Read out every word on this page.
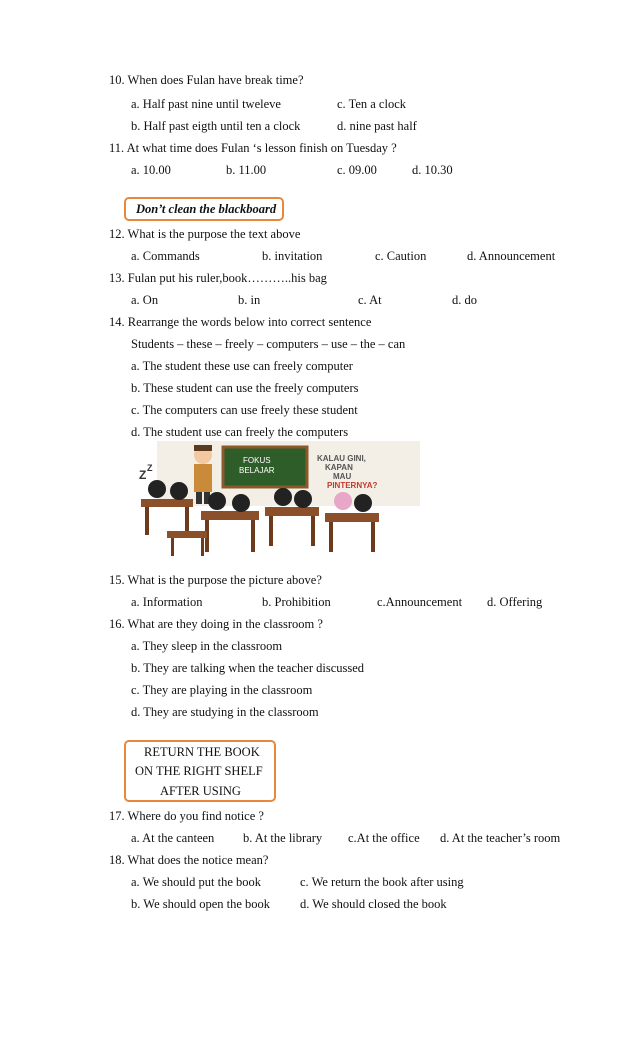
10. When does Fulan have break time?
a. Half past nine until tweleve	c. Ten a clock
b. Half past eigth until ten a clock	d. nine past half
11. At what time does Fulan ‘s lesson finish on Tuesday ?
a. 10.00	b. 11.00	c. 09.00	d. 10.30
Don’t clean the blackboard
12. What is the purpose the text above
a. Commands	b. invitation	c. Caution	d. Announcement
13. Fulan put his ruler,book………..his bag
a. On	b. in	c. At	d. do
14. Rearrange the words below into correct sentence
Students – these – freely – computers – use – the – can
a. The student these use can freely computer
b. These student can use the freely computers
c. The computers can use freely these student
d. The student use can freely the computers
FOKUS
BELAJAR
KALAU GINI,
KAPAN
MAU
PINTERNYA?
Z Z
15. What is the purpose the picture above?
a. Information	b. Prohibition	c.Announcement d. Offering
16. What are they doing in the classroom ?
a. They sleep in the classroom
b. They are talking when the teacher discussed
c. They are playing in the classroom
d. They are studying in the classroom
RETURN THE BOOK
ON THE RIGHT SHELF
AFTER USING
17. Where do you find notice ?
a. At the canteen b. At the library c.At the office d. At the teacher’s room
18. What does the notice mean?
a. We should put the book	c. We return the book after using
b. We should open the book d. We should closed the book
